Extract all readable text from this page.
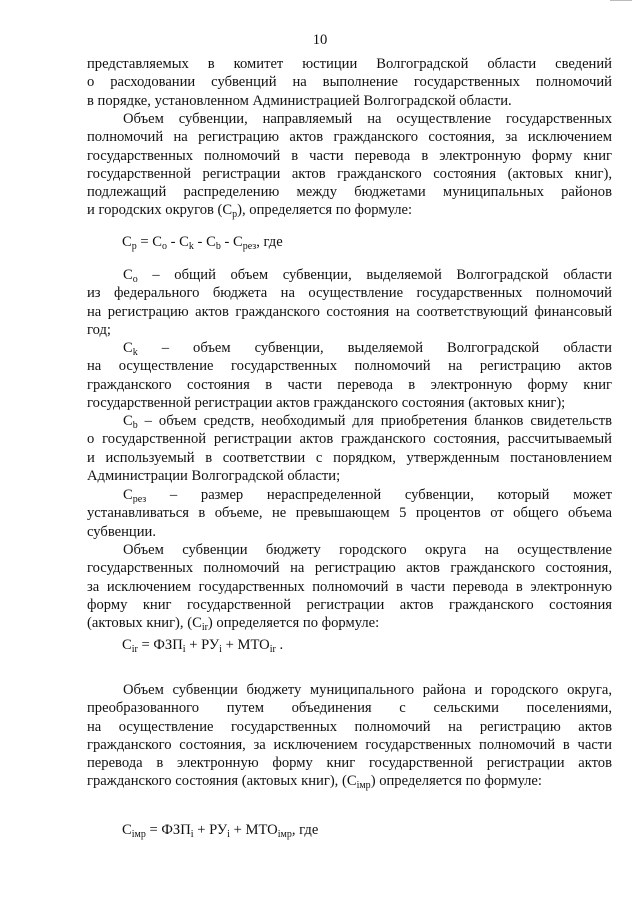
10
представляемых в комитет юстиции Волгоградской области сведений
о расходовании субвенций на выполнение государственных полномочий
в порядке, установленном Администрацией Волгоградской области.
Объем субвенции, направляемый на осуществление государственных
полномочий на регистрацию актов гражданского состояния, за исключением
государственных полномочий в части перевода в электронную форму книг
государственной регистрации актов гражданского состояния (актовых книг),
подлежащий распределению между бюджетами муниципальных районов
и городских округов $(С_р)$, определяется по формуле:
$С_р = С_о - С_k - С_b - С_{рез}$, где
$С_о$ – общий объем субвенции, выделяемой Волгоградской области
из федерального бюджета на осуществление государственных полномочий
на регистрацию актов гражданского состояния на соответствующий финансовый
год;
$С_k$ – объем субвенции, выделяемой Волгоградской области
на осуществление государственных полномочий на регистрацию актов
гражданского состояния в части перевода в электронную форму книг
государственной регистрации актов гражданского состояния (актовых книг);
$С_b$ – объем средств, необходимый для приобретения бланков свидетельств
о государственной регистрации актов гражданского состояния, рассчитываемый
и используемый в соответствии с порядком, утвержденным постановлением
Администрации Волгоградской области;
$С_{рез}$ – размер нераспределенной субвенции, который может
устанавливаться в объеме, не превышающем 5 процентов от общего объема
субвенции.
Объем субвенции бюджету городского округа на осуществление
государственных полномочий на регистрацию актов гражданского состояния,
за исключением государственных полномочий в части перевода в электронную
форму книг государственной регистрации актов гражданского состояния
(актовых книг), $(С_{ir})$ определяется по формуле:
$С_{ir} = ФЗП_i + РУ_i + МТО_{ir}$ .
Объем субвенции бюджету муниципального района и городского округа,
преобразованного путем объединения с сельскими поселениями,
на осуществление государственных полномочий на регистрацию актов
гражданского состояния, за исключением государственных полномочий в части
перевода в электронную форму книг государственной регистрации актов
гражданского состояния (актовых книг), $(С_{iмр})$ определяется по формуле:
$С_{iмр} = ФЗП_i + РУ_i + МТО_{iмр}$, где
